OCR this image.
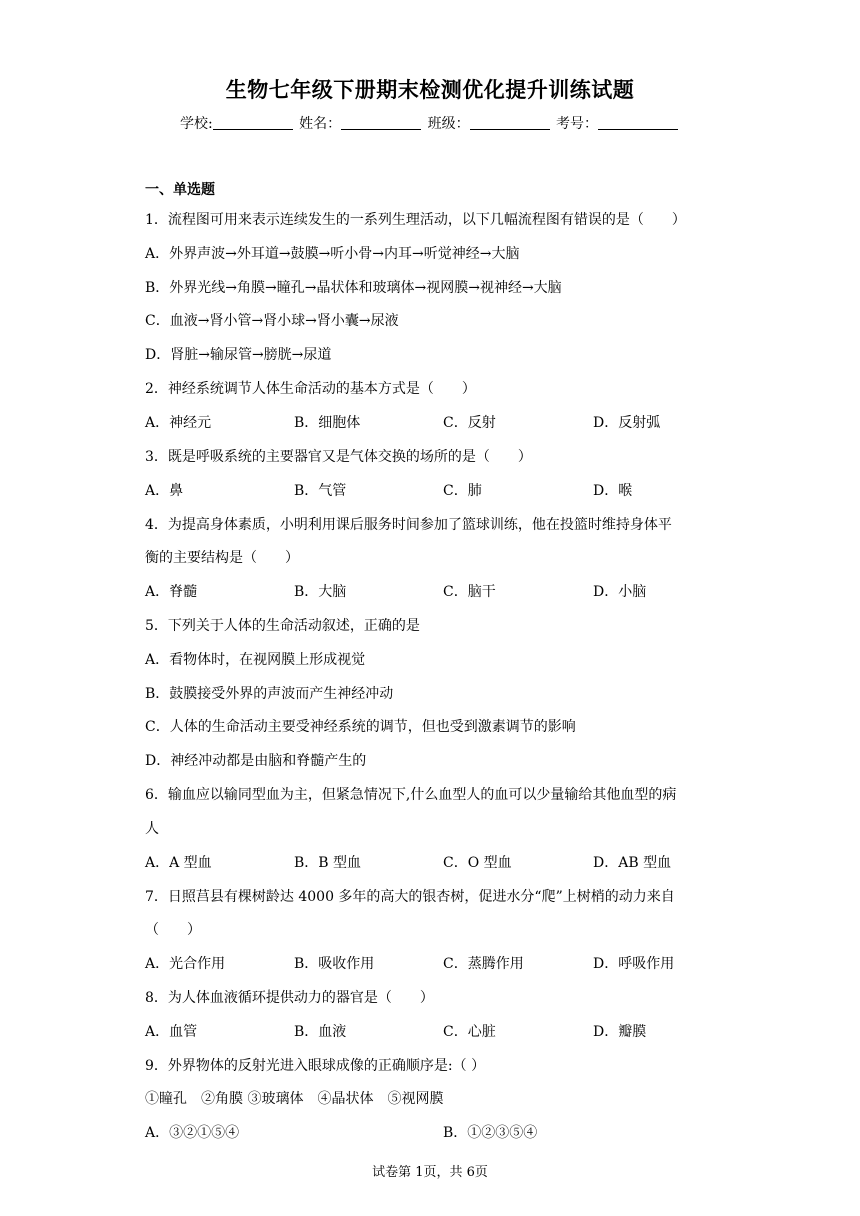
生物七年级下册期末检测优化提升训练试题
学校:	姓名：	班级：	考号：
一、单选题
1．流程图可用来表示连续发生的一系列生理活动，以下几幅流程图有错误的是（　　）
A．外界声波→外耳道→鼓膜→听小骨→内耳→听觉神经→大脑
B．外界光线→角膜→瞳孔→晶状体和玻璃体→视网膜→视神经→大脑
C．血液→肾小管→肾小球→肾小囊→尿液
D．肾脏→输尿管→膀胱→尿道
2．神经系统调节人体生命活动的基本方式是（　　）
A．神经元	B．细胞体	C．反射	D．反射弧
3．既是呼吸系统的主要器官又是气体交换的场所的是（　　）
A．鼻	B．气管	C．肺	D．喉
4．为提高身体素质，小明利用课后服务时间参加了篮球训练，他在投篮时维持身体平
衡的主要结构是（　　）
A．脊髓	B．大脑	C．脑干	D．小脑
5．下列关于人体的生命活动叙述，正确的是
A．看物体时，在视网膜上形成视觉
B．鼓膜接受外界的声波而产生神经冲动
C．人体的生命活动主要受神经系统的调节，但也受到激素调节的影响
D．神经冲动都是由脑和脊髓产生的
6．输血应以输同型血为主，但紧急情况下,什么血型人的血可以少量输给其他血型的病
人
A．A 型血	B．B 型血	C．O 型血	D．AB 型血
7．日照莒县有棵树龄达 4000 多年的高大的银杏树，促进水分“爬”上树梢的动力来自
（　　）
A．光合作用	B．吸收作用	C．蒸腾作用	D．呼吸作用
8．为人体血液循环提供动力的器官是（　　）
A．血管	B．血液	C．心脏	D．瓣膜
9．外界物体的反射光进入眼球成像的正确顺序是:（ ）
①瞳孔　②角膜 ③玻璃体　④晶状体　⑤视网膜
A．③②①⑤④	B．①②③⑤④
试卷第 1页，共 6页
